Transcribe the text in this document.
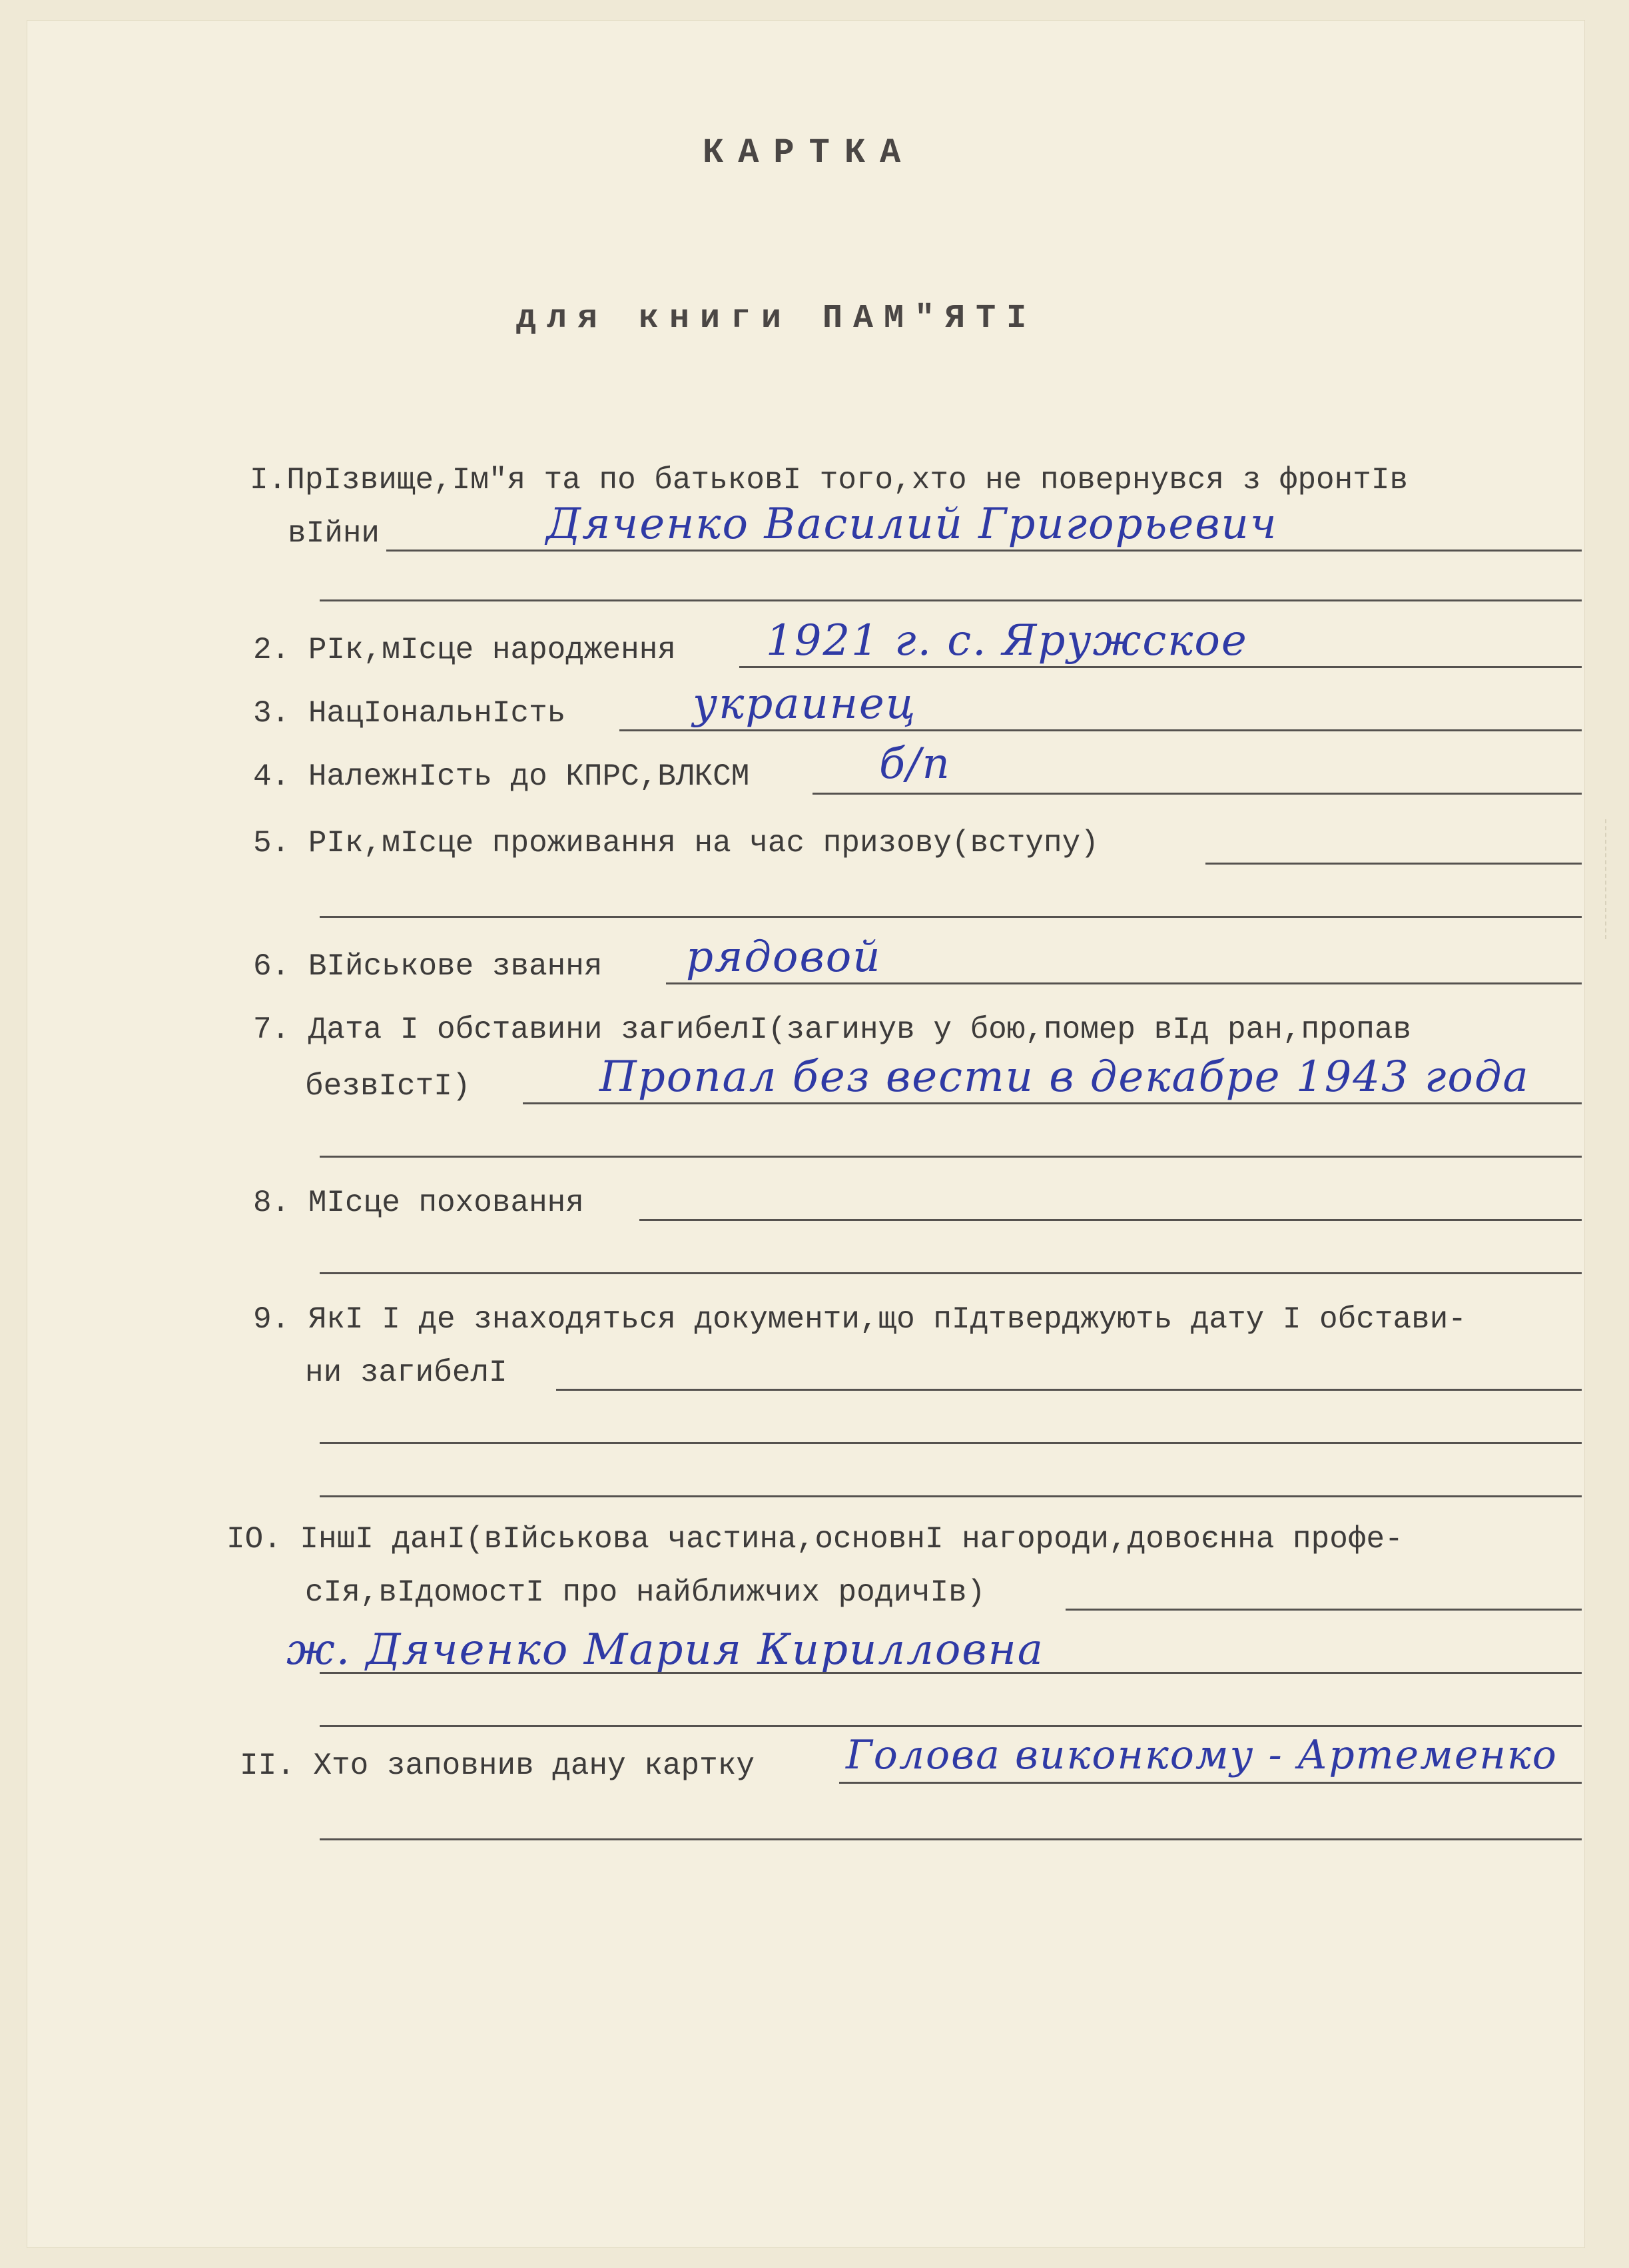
КАРТКА
для книги ПАМ"ЯТІ
I.ПрIзвище,Iм"я та по батьковI того,хто не повернувся з фронтIв
вIйни	Дяченко Василий Григорьевич
2. РIк,мIсце народження 1921 г. с. Яружское
3. НацIональнIсть	украинец
4. НалежнIсть до КПРС,ВЛКСМ	б/п
5. РIк,мIсце проживання на час призову(вступу)
6. ВIйськове звання рядовой
7. Дата I обставини загибелI(загинув у бою,помер вIд ран,пропав
безвIстI)	Пропал без вести в декабре 1943 года
8. МIсце поховання
9. ЯкI I де знаходяться документи,що пIдтверджують дату I обстави-
ни загибелI
IO. IншI данI(вIйськова частина,основнI нагороди,довоєнна профе-
сIя,вIдомостI про найближчих родичIв)
ж. Дяченко Мария Кирилловна
II. Хто заповнив дану картку Голова виконкому - Артеменко
